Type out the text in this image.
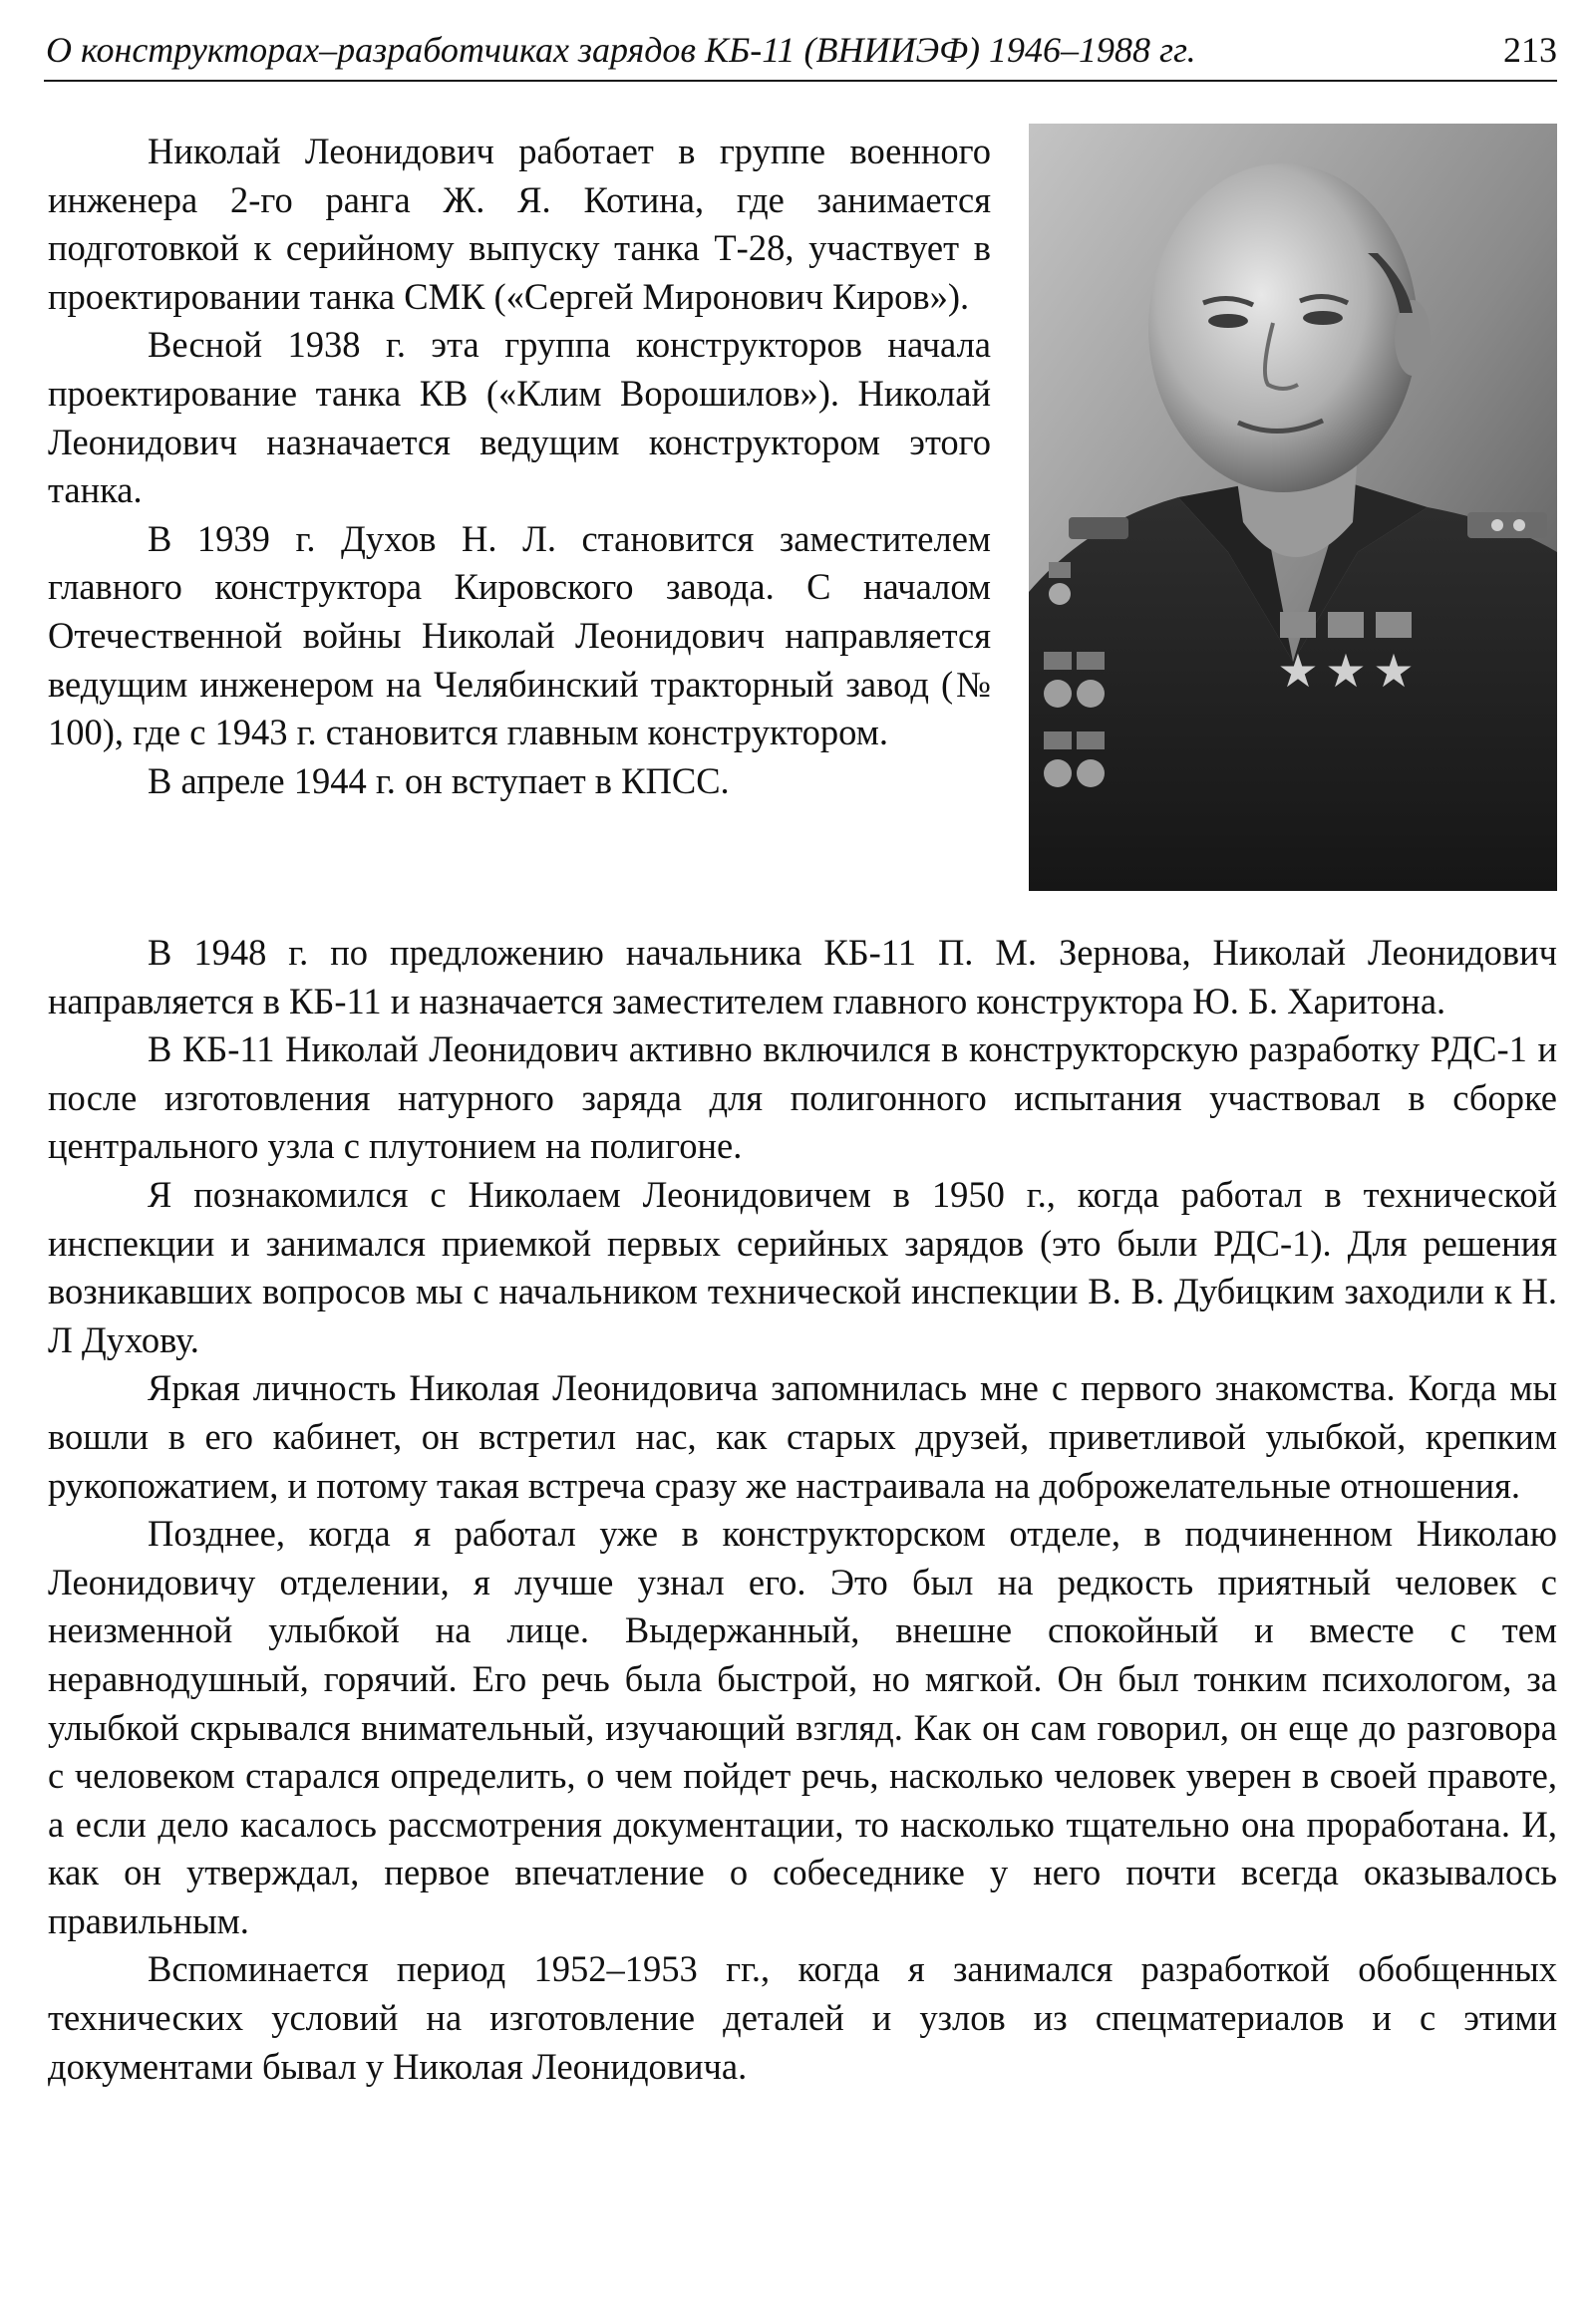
О конструкторах–разработчиках зарядов КБ-11 (ВНИИЭФ) 1946–1988 гг.	213
★ ★ ★

Николай Леонидович работает в группе военного инженера 2-го ранга Ж. Я. Котина, где занимается подготовкой к серийному выпуску танка Т-28, участвует в проектировании танка СМК («Сергей Миронович Киров»).

Весной 1938 г. эта группа конструкторов начала проектирование танка КВ («Клим Ворошилов»). Николай Леонидович назначается ведущим конструктором этого танка.

В 1939 г. Духов Н. Л. становится заместителем главного конструктора Кировского завода. С началом Отечественной войны Николай Леонидович направляется ведущим инженером на Челябинский тракторный завод (№ 100), где с 1943 г. становится главным конструктором.

В апреле 1944 г. он вступает в КПСС.

В 1948 г. по предложению начальника КБ-11 П. М. Зернова, Николай Леонидович направляется в КБ-11 и назначается заместителем главного конструктора Ю. Б. Харитона.

В КБ-11 Николай Леонидович активно включился в конструкторскую разработку РДС-1 и после изготовления натурного заряда для полигонного испытания участвовал в сборке центрального узла с плутонием на полигоне.

Я познакомился с Николаем Леонидовичем в 1950 г., когда работал в технической инспекции и занимался приемкой первых серийных зарядов (это были РДС-1). Для решения возникавших вопросов мы с начальником технической инспекции В. В. Дубицким заходили к Н. Л Духову.

Яркая личность Николая Леонидовича запомнилась мне с первого знакомства. Когда мы вошли в его кабинет, он встретил нас, как старых друзей, приветливой улыбкой, крепким рукопожатием, и потому такая встреча сразу же настраивала на доброжелательные отношения.

Позднее, когда я работал уже в конструкторском отделе, в подчиненном Николаю Леонидовичу отделении, я лучше узнал его. Это был на редкость приятный человек с неизменной улыбкой на лице. Выдержанный, внешне спокойный и вместе с тем неравнодушный, горячий. Его речь была быстрой, но мягкой. Он был тонким психологом, за улыбкой скрывался внимательный, изучающий взгляд. Как он сам говорил, он еще до разговора с человеком старался определить, о чем пойдет речь, насколько человек уверен в своей правоте, а если дело касалось рассмотрения документации, то насколько тщательно она проработана. И, как он утверждал, первое впечатление о собеседнике у него почти всегда оказывалось правильным.

Вспоминается период 1952–1953 гг., когда я занимался разработкой обобщенных технических условий на изготовление деталей и узлов из спецматериалов и с этими документами бывал у Николая Леонидовича.
